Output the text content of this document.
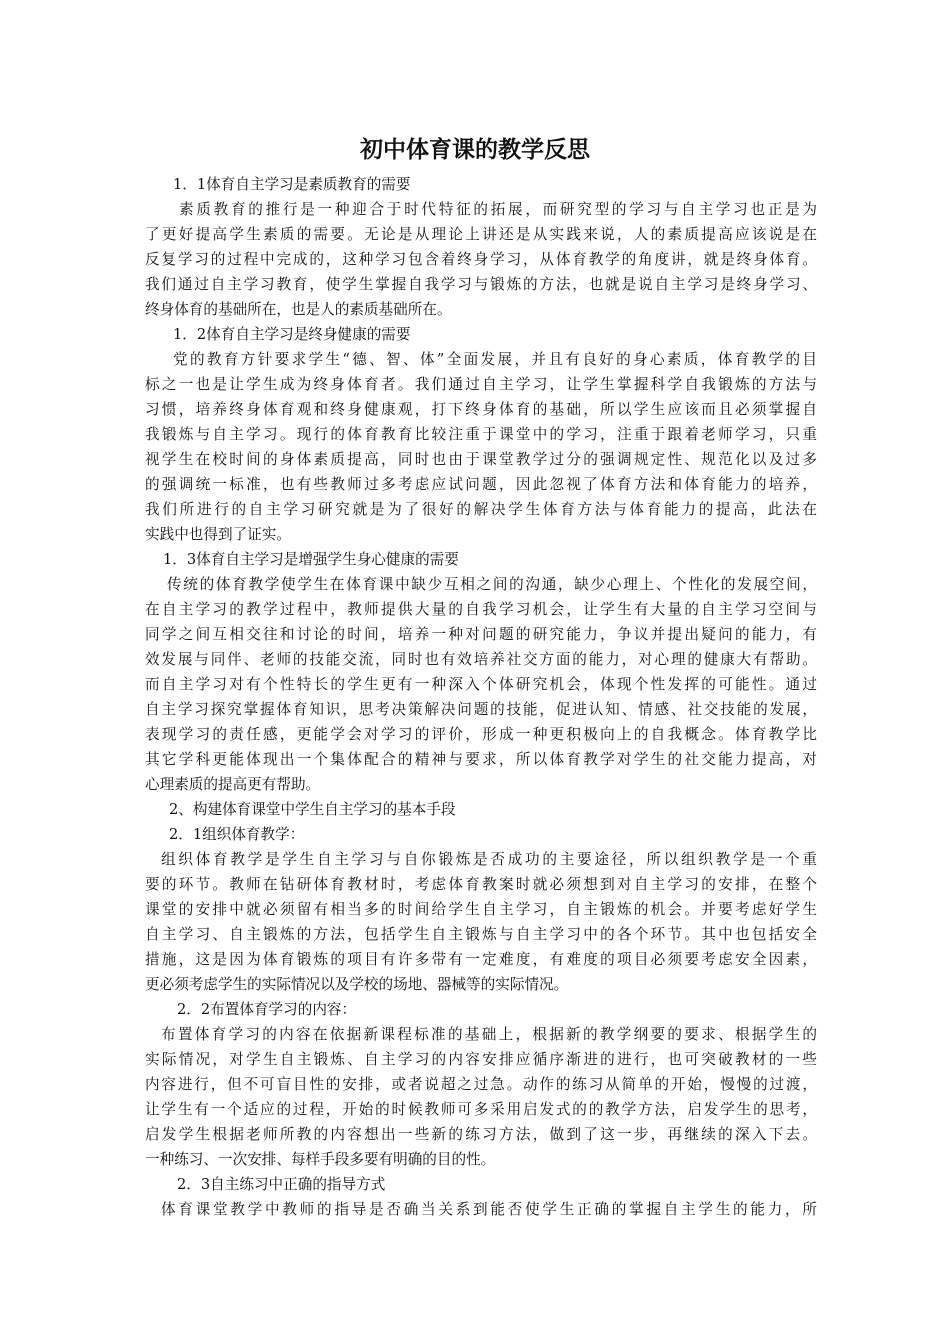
初中体育课的教学反思
1．1体育自主学习是素质教育的需要
素质教育的推行是一种迎合于时代特征的拓展，而研究型的学习与自主学习也正是为
了更好提高学生素质的需要。无论是从理论上讲还是从实践来说，人的素质提高应该说是在
反复学习的过程中完成的，这种学习包含着终身学习，从体育教学的角度讲，就是终身体育。
我们通过自主学习教育，使学生掌握自我学习与锻炼的方法，也就是说自主学习是终身学习、
终身体育的基础所在，也是人的素质基础所在。
1．2体育自主学习是终身健康的需要
党的教育方针要求学生“德、智、体”全面发展，并且有良好的身心素质，体育教学的目
标之一也是让学生成为终身体育者。我们通过自主学习，让学生掌握科学自我锻炼的方法与
习惯，培养终身体育观和终身健康观，打下终身体育的基础，所以学生应该而且必须掌握自
我锻炼与自主学习。现行的体育教育比较注重于课堂中的学习，注重于跟着老师学习，只重
视学生在校时间的身体素质提高，同时也由于课堂教学过分的强调规定性、规范化以及过多
的强调统一标准，也有些教师过多考虑应试问题，因此忽视了体育方法和体育能力的培养，
我们所进行的自主学习研究就是为了很好的解决学生体育方法与体育能力的提高，此法在
实践中也得到了证实。
1．3体育自主学习是增强学生身心健康的需要
传统的体育教学使学生在体育课中缺少互相之间的沟通，缺少心理上、个性化的发展空间，
在自主学习的教学过程中，教师提供大量的自我学习机会，让学生有大量的自主学习空间与
同学之间互相交往和讨论的时间，培养一种对问题的研究能力，争议并提出疑问的能力，有
效发展与同伴、老师的技能交流，同时也有效培养社交方面的能力，对心理的健康大有帮助。
而自主学习对有个性特长的学生更有一种深入个体研究机会，体现个性发挥的可能性。通过
自主学习探究掌握体育知识，思考决策解决问题的技能，促进认知、情感、社交技能的发展，
表现学习的责任感，更能学会对学习的评价，形成一种更积极向上的自我概念。体育教学比
其它学科更能体现出一个集体配合的精神与要求，所以体育教学对学生的社交能力提高，对
心理素质的提高更有帮助。
2、构建体育课堂中学生自主学习的基本手段
2．1组织体育教学：
组织体育教学是学生自主学习与自你锻炼是否成功的主要途径，所以组织教学是一个重
要的环节。教师在钻研体育教材时，考虑体育教案时就必须想到对自主学习的安排，在整个
课堂的安排中就必须留有相当多的时间给学生自主学习，自主锻炼的机会。并要考虑好学生
自主学习、自主锻炼的方法，包括学生自主锻炼与自主学习中的各个环节。其中也包括安全
措施，这是因为体育锻炼的项目有许多带有一定难度，有难度的项目必须要考虑安全因素，
更必须考虑学生的实际情况以及学校的场地、器械等的实际情况。
2．2布置体育学习的内容：
布置体育学习的内容在依据新课程标准的基础上，根据新的教学纲要的要求、根据学生的
实际情况，对学生自主锻炼、自主学习的内容安排应循序渐进的进行，也可突破教材的一些
内容进行，但不可盲目性的安排，或者说超之过急。动作的练习从简单的开始，慢慢的过渡，
让学生有一个适应的过程，开始的时候教师可多采用启发式的的教学方法，启发学生的思考，
启发学生根据老师所教的内容想出一些新的练习方法，做到了这一步，再继续的深入下去。
一种练习、一次安排、每样手段多要有明确的目的性。
2．3自主练习中正确的指导方式
体育课堂教学中教师的指导是否确当关系到能否使学生正确的掌握自主学生的能力，所
